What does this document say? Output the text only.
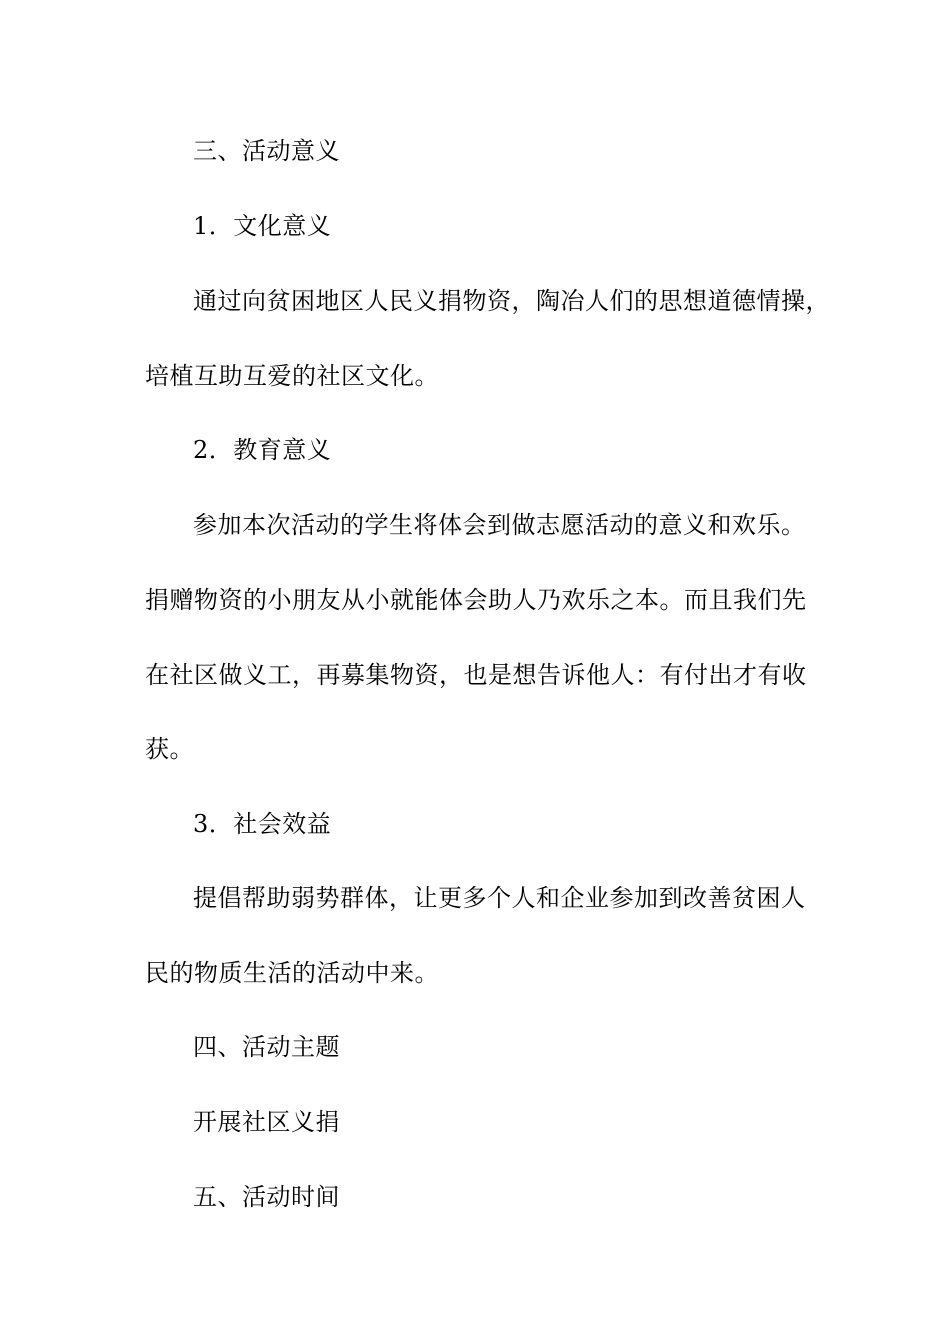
三、活动意义
1．文化意义
通过向贫困地区人民义捐物资，陶冶人们的思想道德情操，
培植互助互爱的社区文化。
2．教育意义
参加本次活动的学生将体会到做志愿活动的意义和欢乐。
捐赠物资的小朋友从小就能体会助人乃欢乐之本。而且我们先
在社区做义工，再募集物资，也是想告诉他人：有付出才有收
获。
3．社会效益
提倡帮助弱势群体，让更多个人和企业参加到改善贫困人
民的物质生活的活动中来。
四、活动主题
开展社区义捐
五、活动时间
